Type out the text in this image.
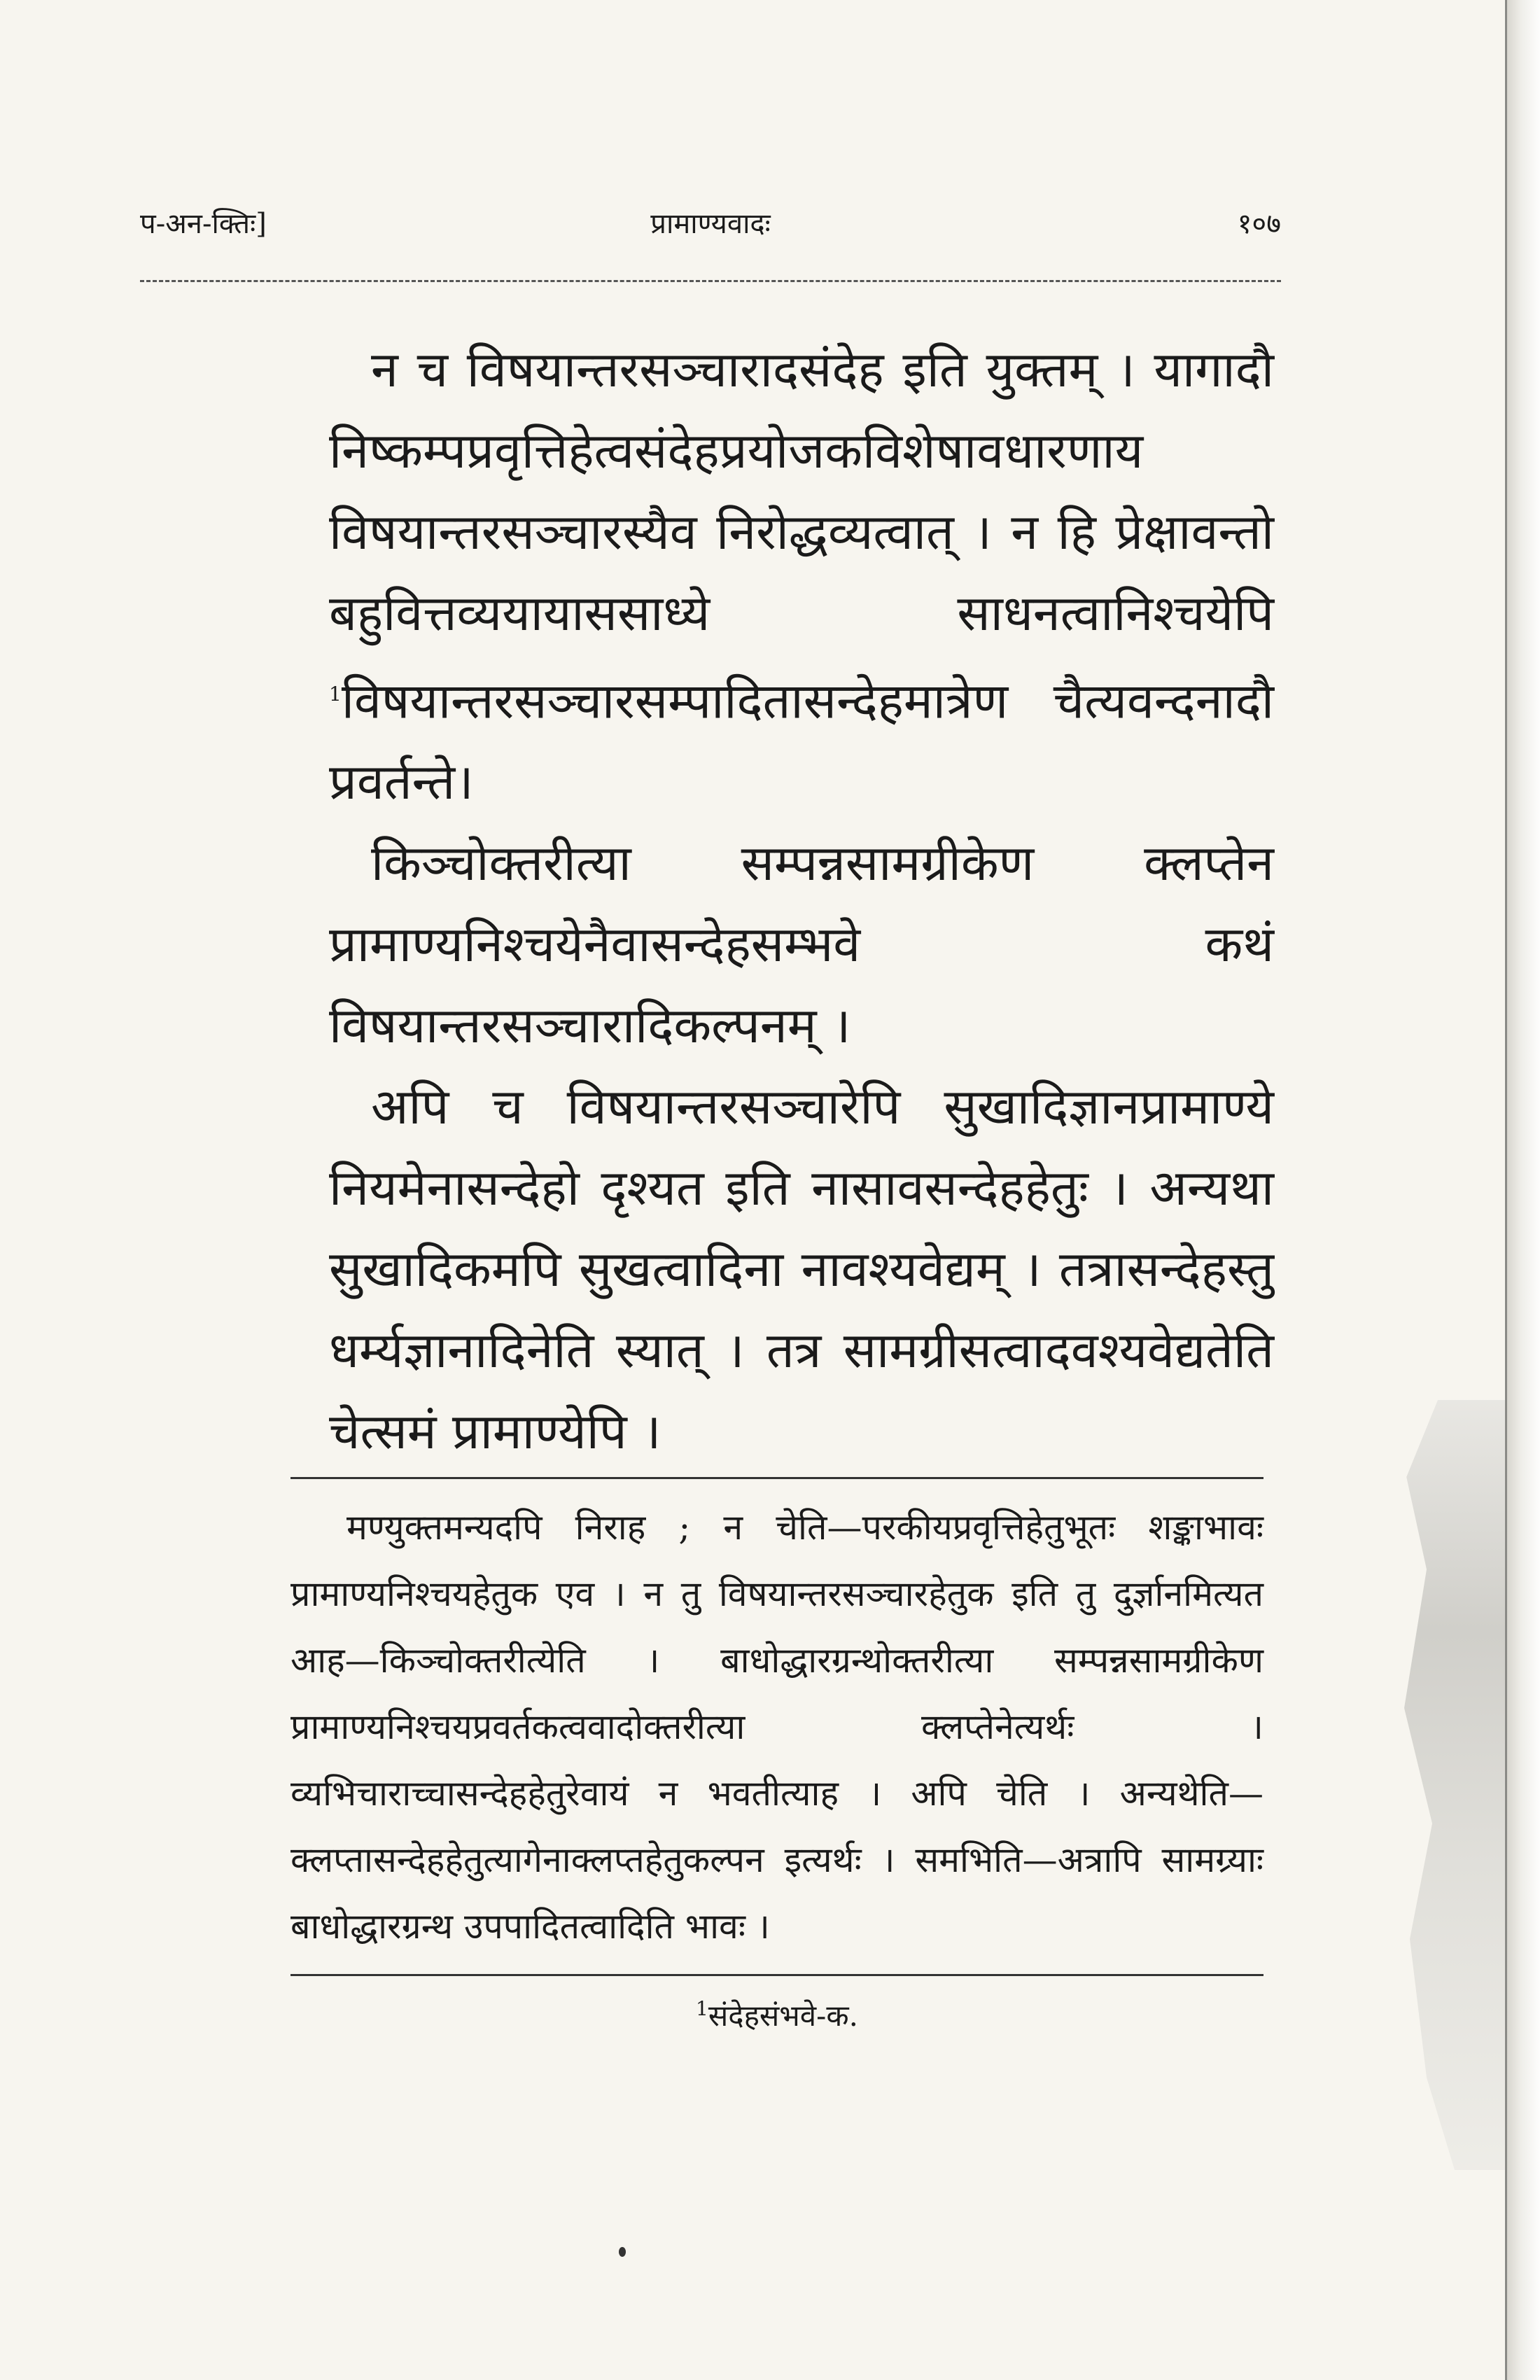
प-अन-क्तिः]	प्रामाण्यवादः	१०७

न च विषयान्तरसञ्चारादसंदेह इति युक्तम् । यागादौ निष्कम्पप्रवृत्तिहेत्वसंदेहप्रयोजकविशेषावधारणाय विषयान्तरसञ्चारस्यैव निरोद्धव्यत्वात् । न हि प्रेक्षावन्तो बहुवित्तव्ययायाससाध्ये साधनत्वानिश्चयेपि $^1$विषयान्तरसञ्चारसम्पादितासन्देहमात्रेण चैत्यवन्दनादौ प्रवर्तन्ते।

किञ्चोक्तरीत्या सम्पन्नसामग्रीकेण क्लप्तेन प्रामाण्यनिश्चयेनैवासन्देहसम्भवे कथं विषयान्तरसञ्चारादिकल्पनम् ।

अपि च विषयान्तरसञ्चारेपि सुखादिज्ञानप्रामाण्ये नियमेनासन्देहो दृश्यत इति नासावसन्देहहेतुः । अन्यथा सुखादिकमपि सुखत्वादिना नावश्यवेद्यम् । तत्रासन्देहस्तु धर्म्यज्ञानादिनेति स्यात् । तत्र सामग्रीसत्वादवश्यवेद्यतेति चेत्समं प्रामाण्येपि ।

मण्युक्तमन्यदपि निराह ; न चेति—परकीयप्रवृत्तिहेतुभूतः शङ्काभावः प्रामाण्यनिश्चयहेतुक एव । न तु विषयान्तरसञ्चारहेतुक इति तु दुर्ज्ञानमित्यत आह—किञ्चोक्तरीत्येति । बाधोद्धारग्रन्थोक्तरीत्या सम्पन्नसामग्रीकेण प्रामाण्यनिश्चयप्रवर्तकत्ववादोक्तरीत्या क्लप्तेनेत्यर्थः । व्यभिचाराच्चासन्देहहेतुरेवायं न भवतीत्याह । अपि चेति । अन्यथेति—क्लप्तासन्देहहेतुत्यागेनाक्लप्तहेतुकल्पन इत्यर्थः । समभिति—अत्रापि सामग्र्याः बाधोद्धारग्रन्थ उपपादितत्वादिति भावः ।

$^1$संदेहसंभवे-क.
